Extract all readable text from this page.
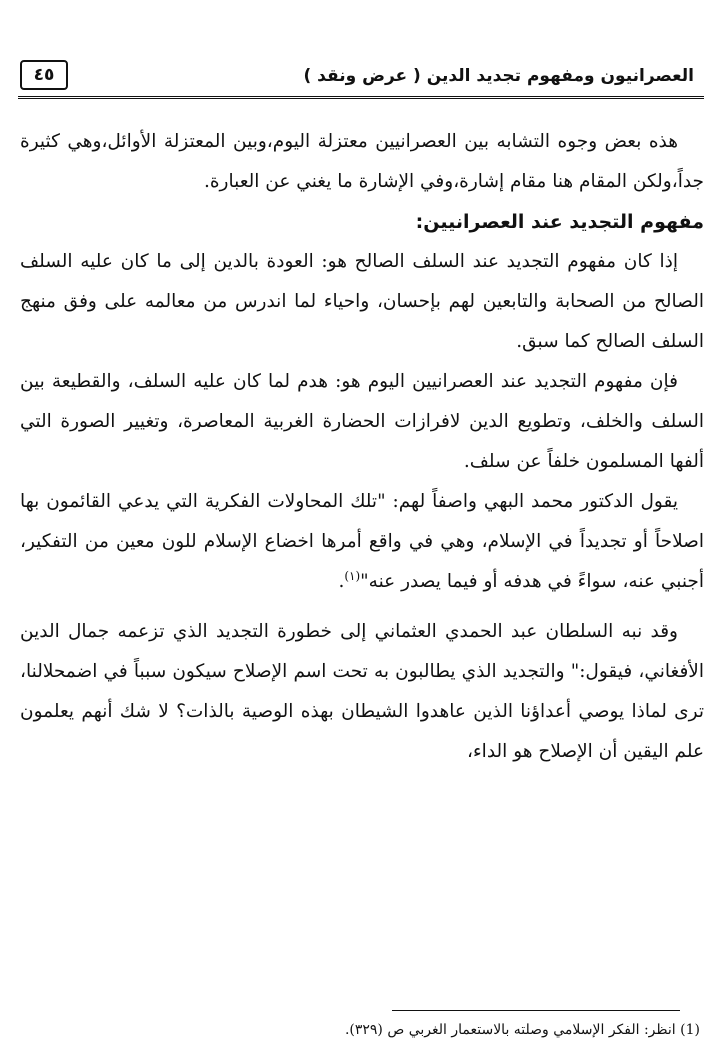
٤٥	العصرانيون ومفهوم تجديد الدين ( عرض ونقد )

هذه بعض وجوه التشابه بين العصرانيين معتزلة اليوم،وبين المعتزلة الأوائل،وهي كثيرة جداً،ولكن المقام هنا مقام إشارة،وفي الإشارة ما يغني عن العبارة.

مفهوم التجديد عند العصرانيين:

إذا كان مفهوم التجديد عند السلف الصالح هو: العودة بالدين إلى ما كان عليه السلف الصالح من الصحابة والتابعين لهم بإحسان، واحياء لما اندرس من معالمه على وفق منهج السلف الصالح كما سبق.

فإن مفهوم التجديد عند العصرانيين اليوم هو: هدم لما كان عليه السلف، والقطيعة بين السلف والخلف، وتطويع الدين لافرازات الحضارة الغربية المعاصرة، وتغيير الصورة التي ألفها المسلمون خلفاً عن سلف.

يقول الدكتور محمد البهي واصفاً لهم: "تلك المحاولات الفكرية التي يدعي القائمون بها اصلاحاً أو تجديداً في الإسلام، وهي في واقع أمرها اخضاع الإسلام للون معين من التفكير، أجنبي عنه، سواءً في هدفه أو فيما يصدر عنه"$^{(١)}$.

وقد نبه السلطان عبد الحمدي العثماني إلى خطورة التجديد الذي تزعمه جمال الدين الأفغاني، فيقول:" والتجديد الذي يطالبون به تحت اسم الإصلاح سيكون سبباً في اضمحلالنا، ترى لماذا يوصي أعداؤنا الذين عاهدوا الشيطان بهذه الوصية بالذات؟ لا شك أنهم يعلمون علم اليقين أن الإصلاح هو الداء،

(1) انظر: الفكر الإسلامي وصلته بالاستعمار الغربي ص (٣٢٩).
